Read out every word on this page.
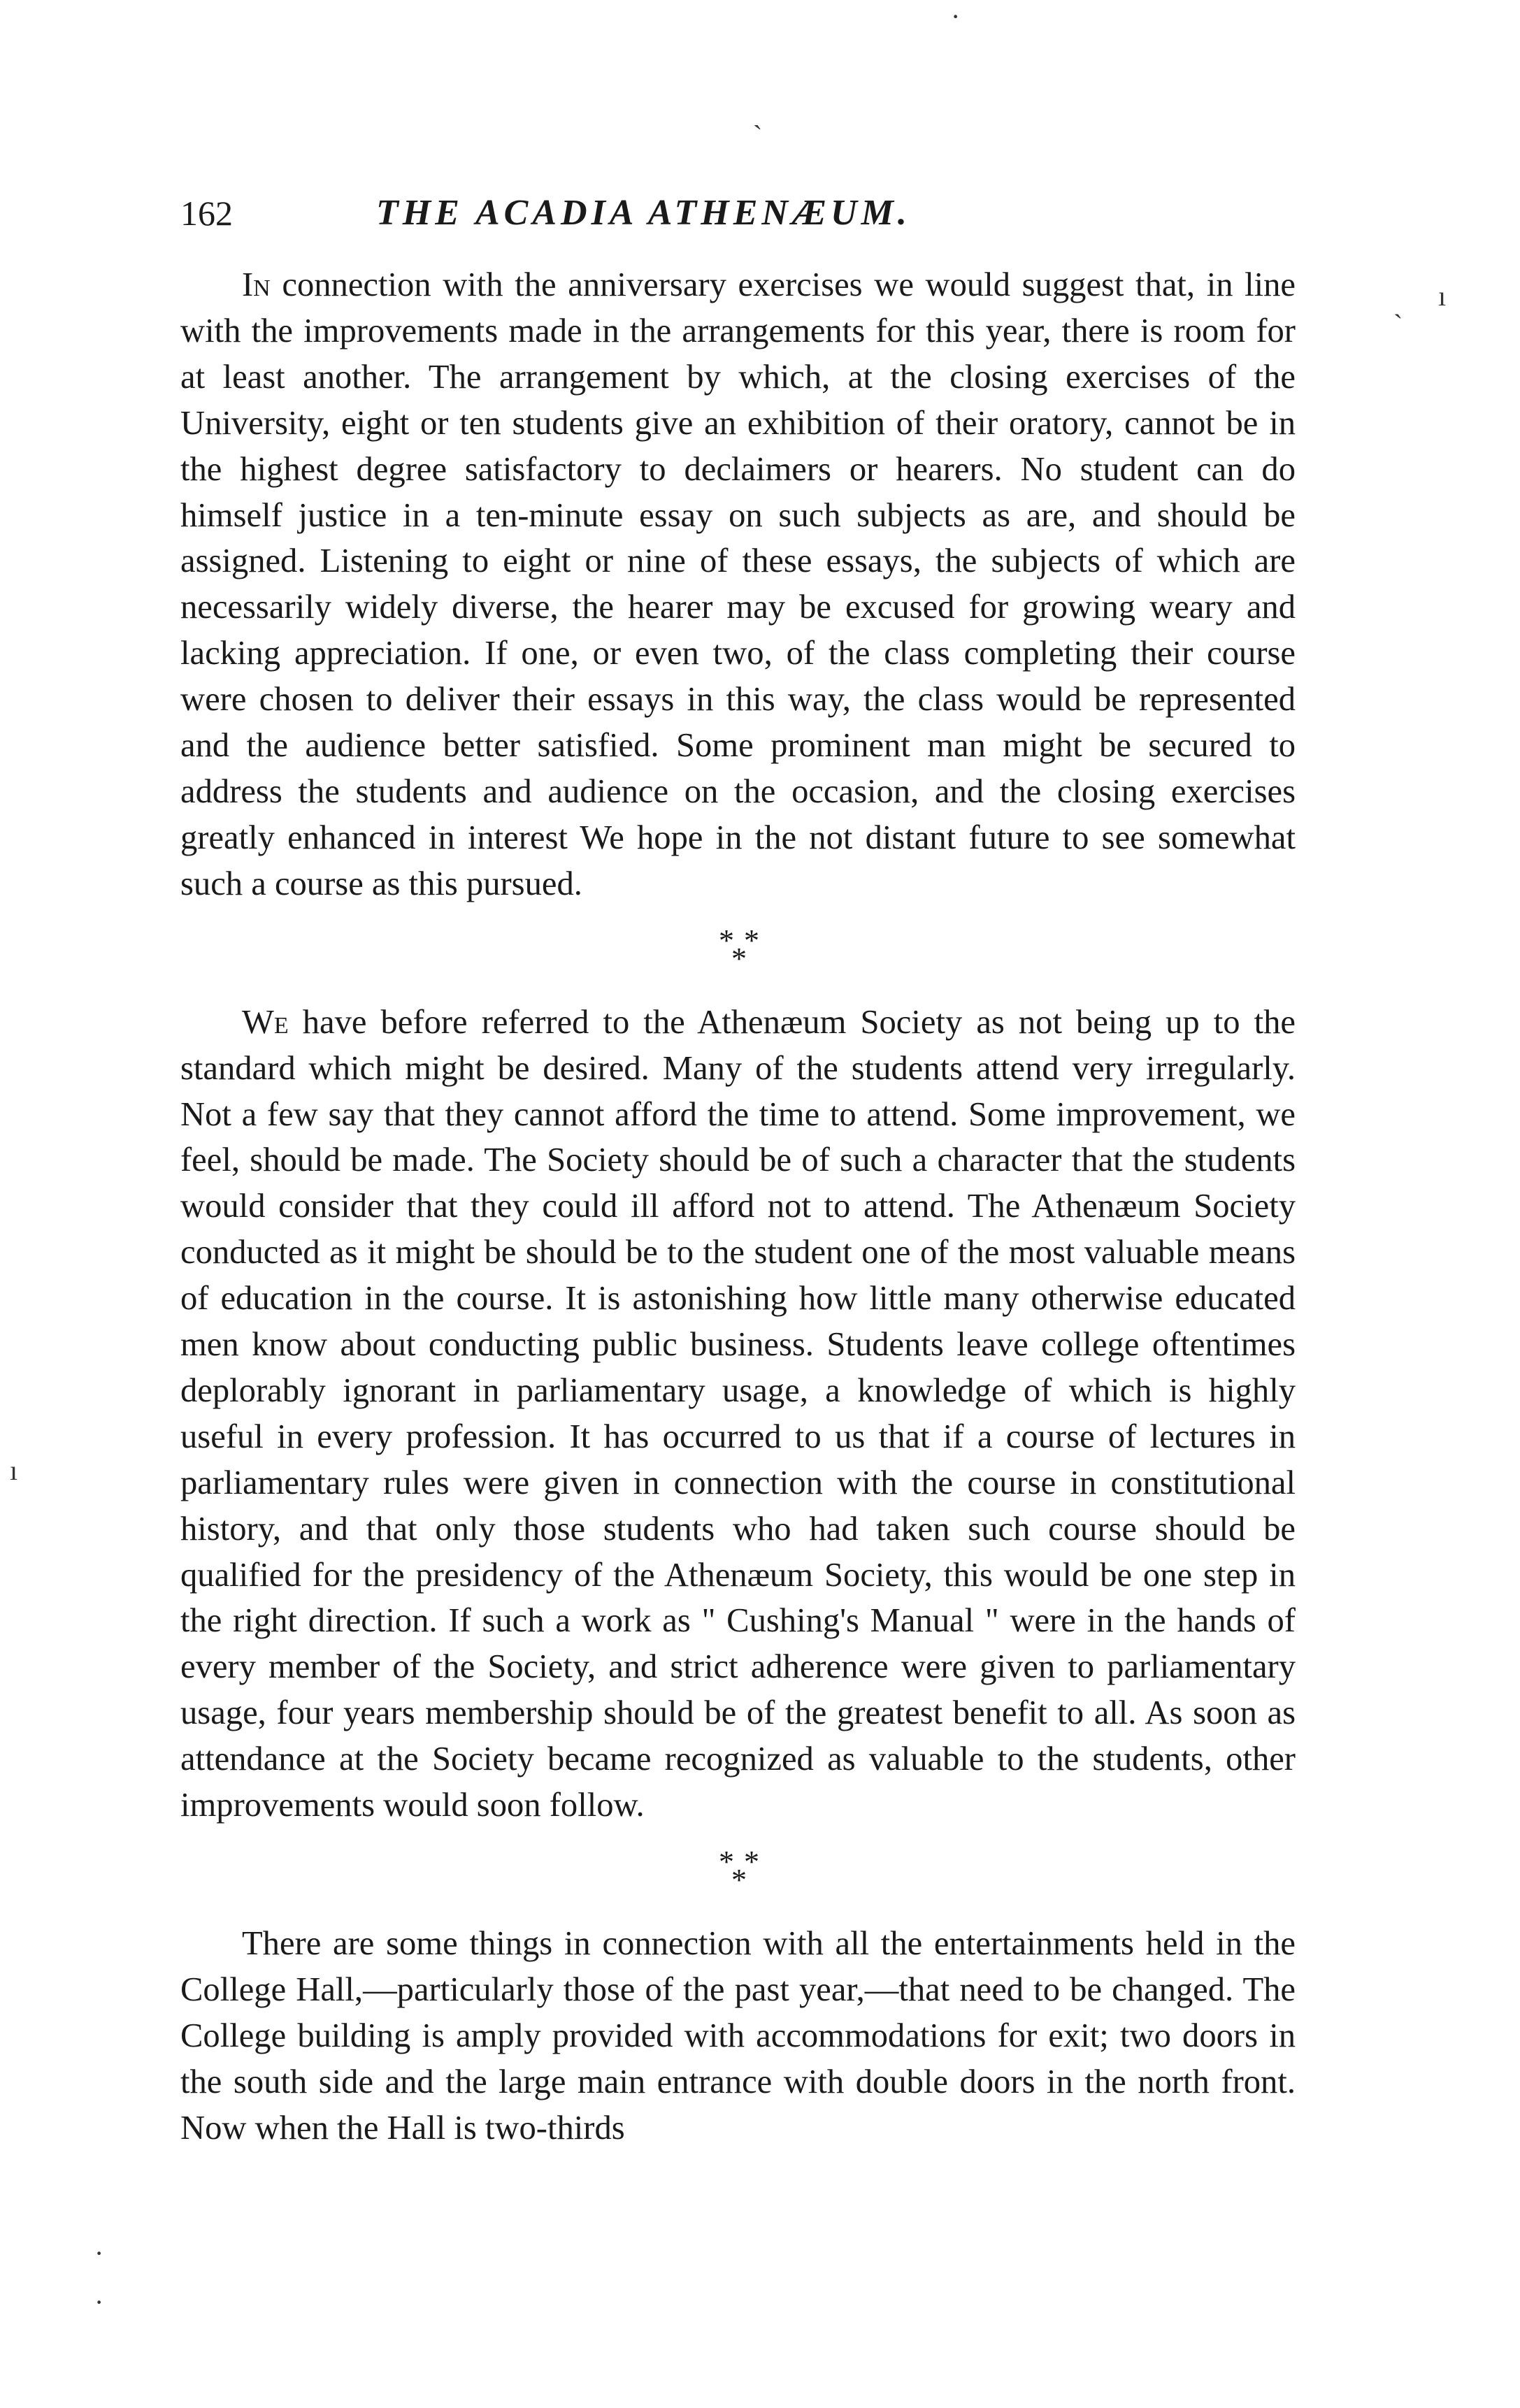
162	THE ACADIA ATHENÆUM.

In connection with the anniversary exercises we would suggest that, in line with the improvements made in the arrangements for this year, there is room for at least another. The arrangement by which, at the closing exercises of the University, eight or ten students give an exhibition of their oratory, cannot be in the highest degree satisfactory to declaimers or hearers. No student can do himself justice in a ten-minute essay on such subjects as are, and should be assigned. Listening to eight or nine of these essays, the subjects of which are necessarily widely diverse, the hearer may be excused for growing weary and lacking appreciation. If one, or even two, of the class completing their course were chosen to deliver their essays in this way, the class would be represented and the audience better satisfied. Some prominent man might be secured to address the students and audience on the occasion, and the closing exercises greatly enhanced in interest We hope in the not distant future to see somewhat such a course as this pursued.

* *
*

We have before referred to the Athenæum Society as not being up to the standard which might be desired. Many of the students attend very irregularly. Not a few say that they cannot afford the time to attend. Some improvement, we feel, should be made. The Society should be of such a character that the students would consider that they could ill afford not to attend. The Athenæum Society conducted as it might be should be to the student one of the most valuable means of education in the course. It is astonishing how little many otherwise educated men know about conducting public business. Students leave college oftentimes deplorably ignorant in parliamentary usage, a knowledge of which is highly useful in every profession. It has occurred to us that if a course of lectures in parliamentary rules were given in connection with the course in constitutional history, and that only those students who had taken such course should be qualified for the presidency of the Athenæum Society, this would be one step in the right direction. If such a work as " Cushing's Manual " were in the hands of every member of the Society, and strict adherence were given to parliamentary usage, four years membership should be of the greatest benefit to all. As soon as attendance at the Society became recognized as valuable to the students, other improvements would soon follow.

* *
*

There are some things in connection with all the entertainments held in the College Hall,—particularly those of the past year,—that need to be changed. The College building is amply provided with accommodations for exit; two doors in the south side and the large main entrance with double doors in the north front. Now when the Hall is two-thirds

·
ˋ
ˏ ı
ı
·
·
